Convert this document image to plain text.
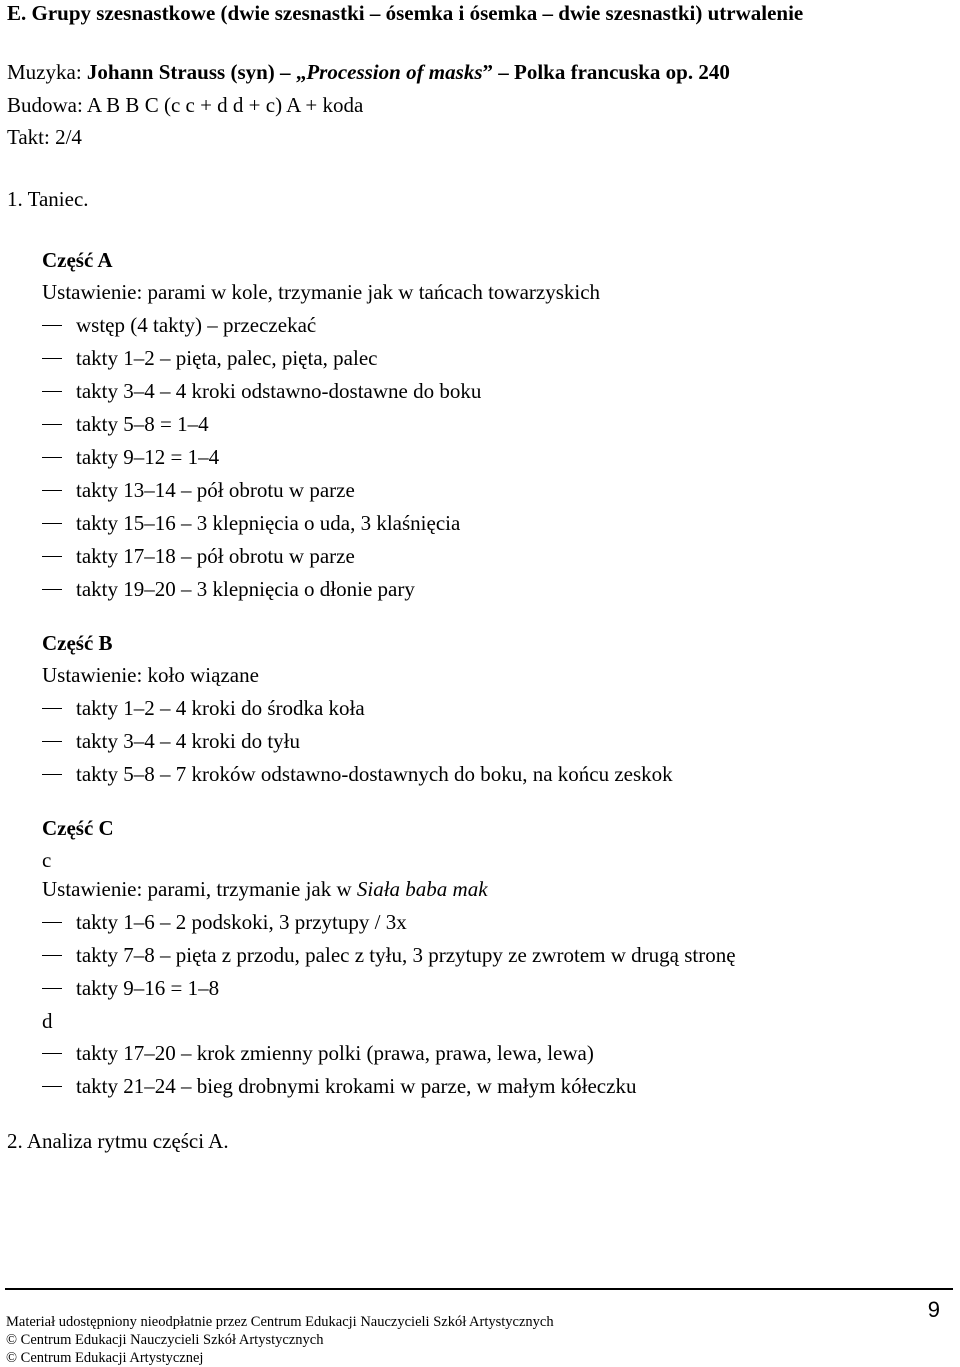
E. Grupy szesnastkowe (dwie szesnastki – ósemka i ósemka – dwie szesnastki) utrwalenie
Muzyka: Johann Strauss (syn) – „Procession of masks” – Polka francuska op. 240
Budowa: A B B C (c c + d d + c) A + koda
Takt: 2/4
1. Taniec.
Część A
Ustawienie: parami w kole, trzymanie jak w tańcach towarzyskich
wstęp (4 takty) – przeczekać
takty 1–2 – pięta, palec, pięta, palec
takty 3–4 – 4 kroki odstawno-dostawne do boku
takty 5–8 = 1–4
takty 9–12 = 1–4
takty 13–14 – pół obrotu w parze
takty 15–16 – 3 klepnięcia o uda, 3 klaśnięcia
takty 17–18 – pół obrotu w parze
takty 19–20 – 3 klepnięcia o dłonie pary
Część B
Ustawienie: koło wiązane
takty 1–2 – 4 kroki do środka koła
takty 3–4 – 4 kroki do tyłu
takty 5–8 – 7 kroków odstawno-dostawnych do boku, na końcu zeskok
Część C
c
Ustawienie: parami, trzymanie jak w Siała baba mak
takty 1–6 – 2 podskoki, 3 przytupy / 3x
takty 7–8 – pięta z przodu, palec z tyłu, 3 przytupy ze zwrotem w drugą stronę
takty 9–16 = 1–8
d
takty 17–20 – krok zmienny polki (prawa, prawa, lewa, lewa)
takty 21–24 – bieg drobnymi krokami w parze, w małym kółeczku
2. Analiza rytmu części A.
Materiał udostępniony nieodpłatnie przez Centrum Edukacji Nauczycieli Szkół Artystycznych
© Centrum Edukacji Nauczycieli Szkół Artystycznych
© Centrum Edukacji Artystycznej
9
